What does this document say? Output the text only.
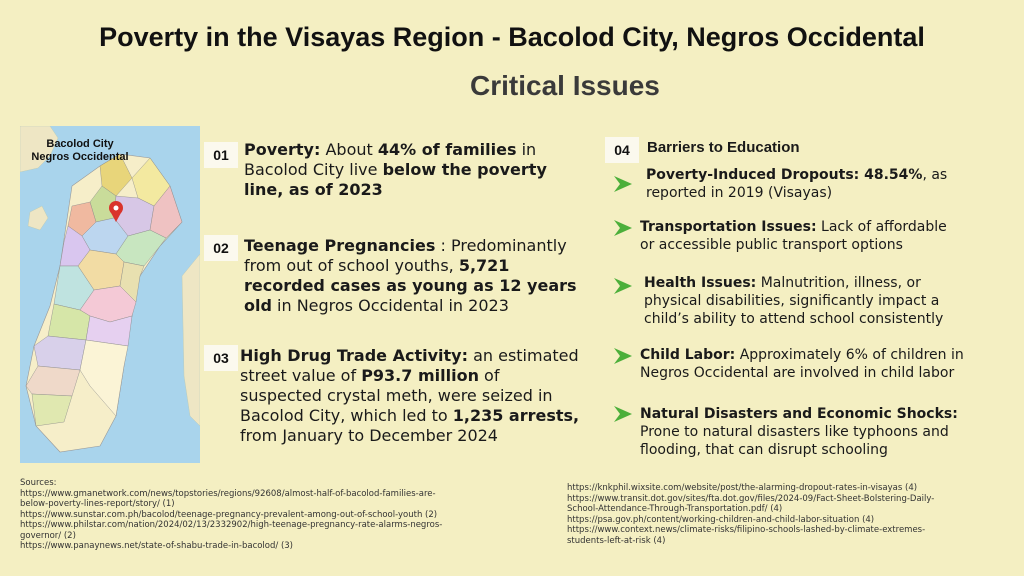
Poverty in the Visayas Region - Bacolod City, Negros Occidental
Critical Issues
Bacolod City
Negros Occidental	01 Poverty: About 44% of families in Bacolod City live below the poverty line, as of 2023
02 Teenage Pregnancies : Predominantly from out of school youths, 5,721 recorded cases as young as 12 years old in Negros Occidental in 2023
03 High Drug Trade Activity: an estimated street value of P93.7 million of suspected crystal meth, were seized in Bacolod City, which led to 1,235 arrests, from January to December 2024
04	Barriers to Education
Poverty-Induced Dropouts: 48.54%, as reported in 2019 (Visayas)
Transportation Issues: Lack of affordable or accessible public transport options
Health Issues: Malnutrition, illness, or physical disabilities, significantly impact a child’s ability to attend school consistently
Child Labor: Approximately 6% of children in Negros Occidental are involved in child labor
Natural Disasters and Economic Shocks: Prone to natural disasters like typhoons and flooding, that can disrupt schooling
Sources:
https://www.gmanetwork.com/news/topstories/regions/92608/almost-half-of-bacolod-families-are-
below-poverty-lines-report/story/ (1)
https://www.sunstar.com.ph/bacolod/teenage-pregnancy-prevalent-among-out-of-school-youth (2)
https://www.philstar.com/nation/2024/02/13/2332902/high-teenage-pregnancy-rate-alarms-negros-
governor/ (2)
https://www.panaynews.net/state-of-shabu-trade-in-bacolod/ (3)
https://knkphil.wixsite.com/website/post/the-alarming-dropout-rates-in-visayas (4)
https://www.transit.dot.gov/sites/fta.dot.gov/files/2024-09/Fact-Sheet-Bolstering-Daily-
School-Attendance-Through-Transportation.pdf/ (4)
https://psa.gov.ph/content/working-children-and-child-labor-situation (4)
https://www.context.news/climate-risks/filipino-schools-lashed-by-climate-extremes-
students-left-at-risk (4)
